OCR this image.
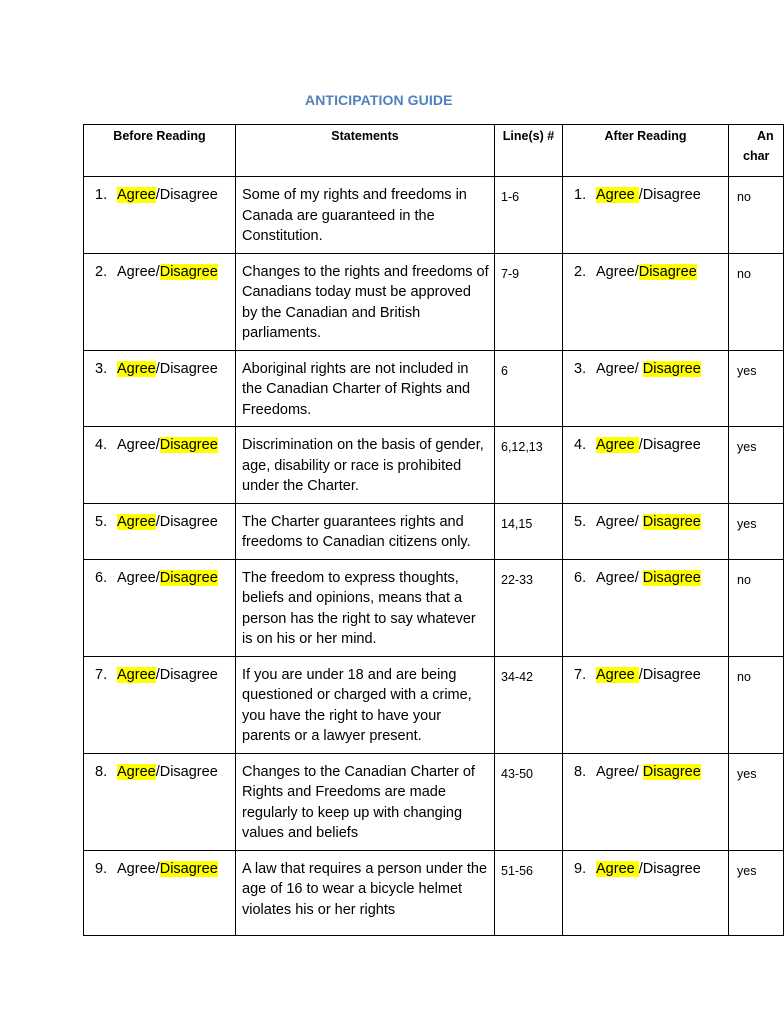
ANTICIPATION GUIDE
Before Reading	Statements	Line(s) #	After Reading	An
char

1. Agree/Disagree	Some of my rights and freedoms in Canada are guaranteed in the Constitution.	1-6	1. Agree /Disagree	no

2. Agree/Disagree	Changes to the rights and freedoms of Canadians today must be approved by the Canadian and British parliaments.	7-9	2. Agree/Disagree	no

3. Agree/Disagree	Aboriginal rights are not included in the Canadian Charter of Rights and Freedoms.	6	3. Agree/ Disagree	yes

4. Agree/Disagree	Discrimination on the basis of gender, age, disability or race is prohibited under the Charter.	6,12,13	4. Agree /Disagree	yes

5. Agree/Disagree	The Charter guarantees rights and freedoms to Canadian citizens only.	14,15	5. Agree/ Disagree	yes

6. Agree/Disagree	The freedom to express thoughts, beliefs and opinions, means that a person has the right to say whatever is on his or her mind.	22-33	6. Agree/ Disagree	no

7. Agree/Disagree	If you are under 18 and are being questioned or charged with a crime, you have the right to have your parents or a lawyer present.	34-42	7. Agree /Disagree	no

8. Agree/Disagree	Changes to the Canadian Charter of Rights and Freedoms are made regularly to keep up with changing values and beliefs	43-50	8. Agree/ Disagree	yes

9. Agree/Disagree	A law that requires a person under the age of 16 to wear a bicycle helmet violates his or her rights	51-56	9. Agree /Disagree	yes
